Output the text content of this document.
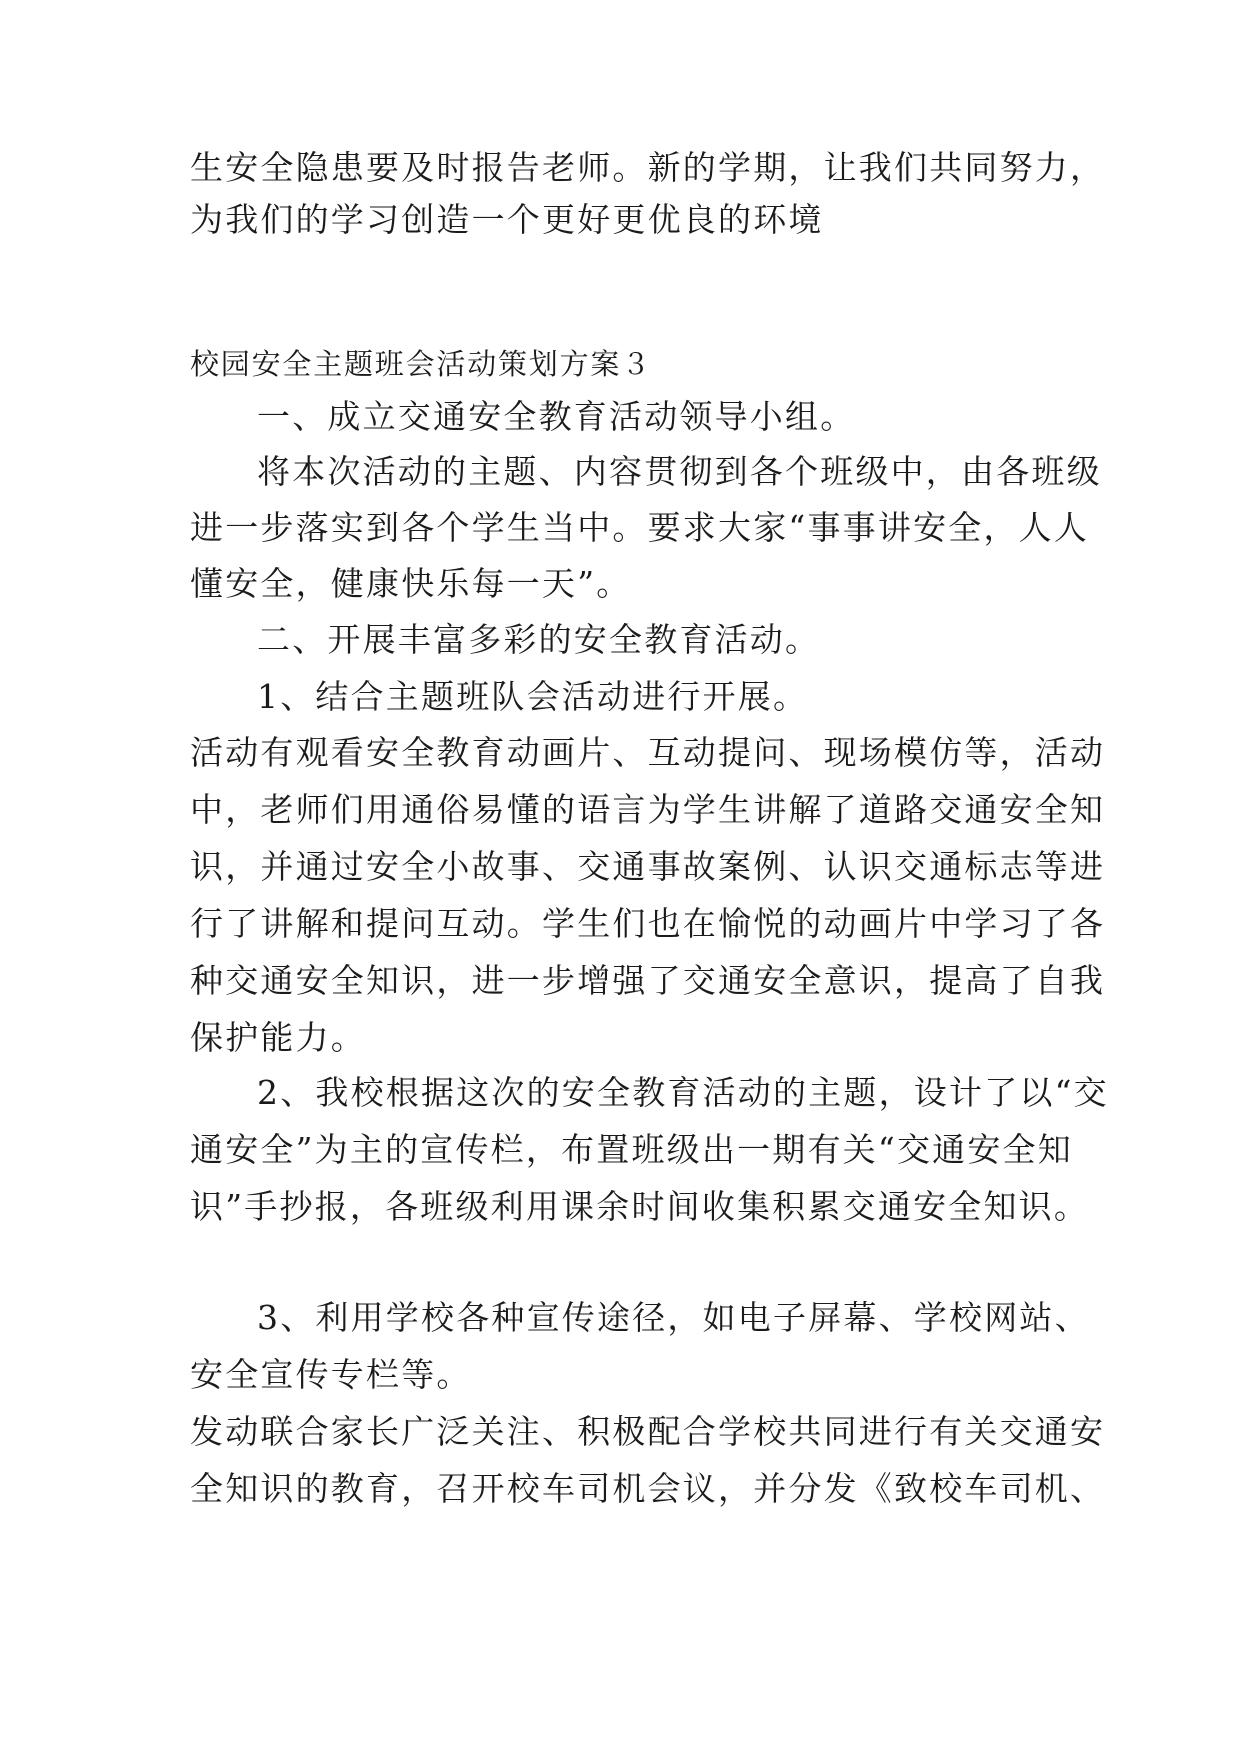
生安全隐患要及时报告老师。新的学期，让我们共同努力，
为我们的学习创造一个更好更优良的环境
校园安全主题班会活动策划方案３
一、成立交通安全教育活动领导小组。
将本次活动的主题、内容贯彻到各个班级中，由各班级
进一步落实到各个学生当中。要求大家“事事讲安全，人人
懂安全，健康快乐每一天”。
二、开展丰富多彩的安全教育活动。
1、结合主题班队会活动进行开展。
活动有观看安全教育动画片、互动提问、现场模仿等，活动
中，老师们用通俗易懂的语言为学生讲解了道路交通安全知
识，并通过安全小故事、交通事故案例、认识交通标志等进
行了讲解和提问互动。学生们也在愉悦的动画片中学习了各
种交通安全知识，进一步增强了交通安全意识，提高了自我
保护能力。
2、我校根据这次的安全教育活动的主题，设计了以“交
通安全”为主的宣传栏，布置班级出一期有关“交通安全知
识”手抄报，各班级利用课余时间收集积累交通安全知识。
3、利用学校各种宣传途径，如电子屏幕、学校网站、
安全宣传专栏等。
发动联合家长广泛关注、积极配合学校共同进行有关交通安
全知识的教育，召开校车司机会议，并分发《致校车司机、
